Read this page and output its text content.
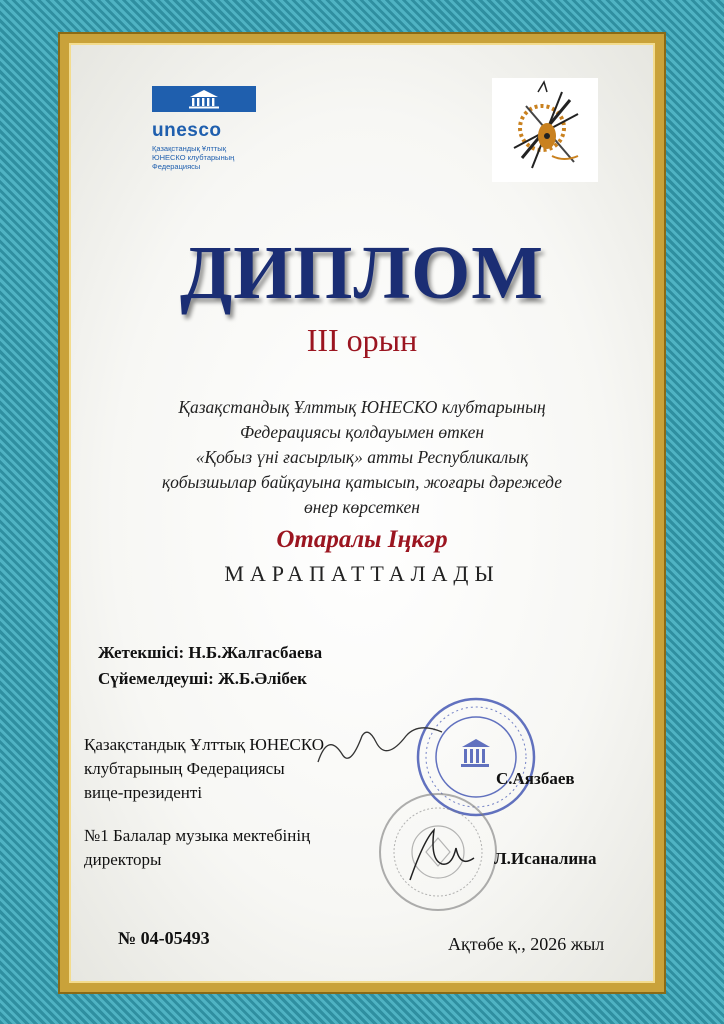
unesco
Қазақстандық Ұлттық
ЮНЕСКО клубтарының
Федерациясы
ДИПЛОМ
III орын
Қазақстандық Ұлттық ЮНЕСКО клубтарының
Федерациясы қолдауымен өткен
«Қобыз үні ғасырлық» атты Республикалық
қобызшылар байқауына қатысып, жоғары дәрежеде
өнер көрсеткен
Отаралы Іңкәр
МАРАПАТТАЛАДЫ
Жетекшісі: Н.Б.Жалгасбаева
Сүйемелдеуші: Ж.Б.Әлібек
Қазақстандық Ұлттық ЮНЕСКО
клубтарының Федерациясы
вице-президенті
С.Аязбаев
№1 Балалар музыка мектебінің
директоры	Л.Исаналина
№ 04-05493	Ақтөбе қ., 2026 жыл
